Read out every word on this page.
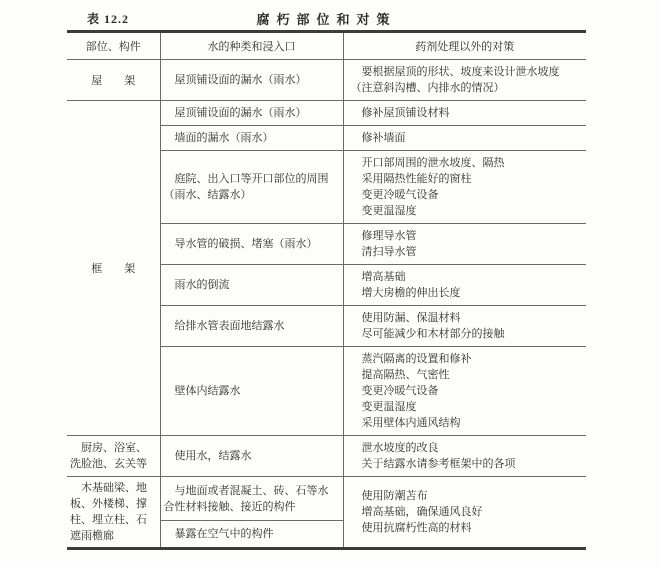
表 12.2	腐朽部位和对策
部位、构件	水的种类和浸入口	药剂处理以外的对策
屋架	屋顶铺设面的漏水（雨水）	要根据屋顶的形状、坡度来设计泄水坡度（注意斜沟槽、内排水的情况）

框架	屋顶铺设面的漏水（雨水）	修补屋顶铺设材料

	墙面的漏水（雨水）	修补墙面

	庭院、出入口等开口部位的周围（雨水、结露水）	开口部周围的泄水坡度、隔热
采用隔热性能好的窗柱
变更冷暖气设备
变更温湿度

	导水管的破损、堵塞（雨水）	修理导水管
清扫导水管

	雨水的倒流	增高基础
增大房檐的伸出长度

	给排水管表面地结露水	使用防漏、保温材料
尽可能减少和木材部分的接触

	壁体内结露水	蒸汽隔离的设置和修补
提高隔热、气密性
变更冷暖气设备
变更温湿度
采用壁体内通风结构

厨房、浴室、洗脸池、玄关等	使用水，结露水	泄水坡度的改良
关于结露水请参考框架中的各项

木基础梁、地板、外楼梯、撑柱、埋立柱、石遮雨檐廊	与地面或者混凝土、砖、石等水合性材料接触、接近的构件	使用防潮苫布
增高基础，确保通风良好
使用抗腐朽性高的材料

	暴露在空气中的构件	
